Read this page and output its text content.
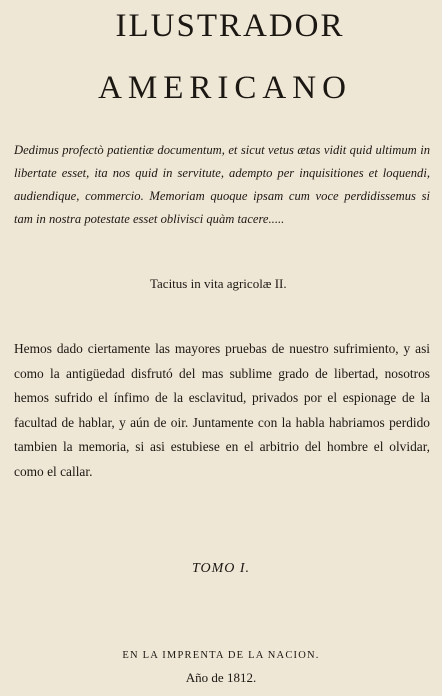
ILUSTRADOR
AMERICANO

Dedimus profectò patientiæ documentum, et sicut vetus ætas vidit quid ultimum in libertate esset, ita nos quid in servitute, adempto per inquisitiones et loquendi, audiendique, commercio. Memoriam quoque ipsam cum voce perdidissemus si tam in nostra potestate esset oblivisci quàm tacere.....

Tacitus in vita agricolæ II.

Hemos dado ciertamente las mayores pruebas de nuestro sufrimiento, y asi como la antigüedad disfrutó del mas sublime grado de libertad, nosotros hemos sufrido el ínfimo de la esclavitud, privados por el espionage de la facultad de hablar, y aún de oir. Juntamente con la habla habriamos perdido tambien la memoria, si asi estubiese en el arbitrio del hombre el olvidar, como el callar.

TOMO I.

EN LA IMPRENTA DE LA NACION.

Año de 1812.
